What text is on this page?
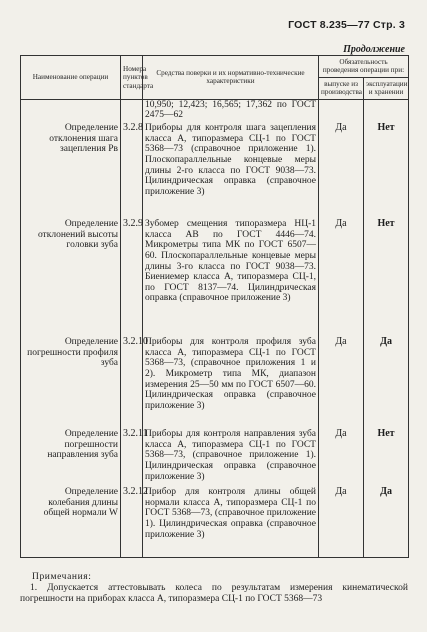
ГОСТ 8.235—77 Стр. 3
Продолжение
Наименование операции	Номера пунктов стандарта	Средства поверки и их нормативно-технические характеристики	Обязательность проведения операции при:	
			выпуске из производства	эксплуатации и хранении
		10,950; 12,423; 16,565; 17,362 по ГОСТ 2475—62		
Определение отклонения шага зацепления Pв	3.2.8	Приборы для контроля шага зацепления класса А, типоразмера СЦ-1 по ГОСТ 5368—73 (справочное приложение 1). Плоскопараллельные концевые меры длины 2-го класса по ГОСТ 9038—73. Цилиндрическая оправка (справочное приложение 3)	Да	Нет
Определение отклонений высоты головки зуба	3.2.9	Зубомер смещения типоразмера НЦ-1 класса АВ по ГОСТ 4446—74. Микрометры типа МК по ГОСТ 6507—60. Плоскопараллельные концевые меры длины 3-го класса по ГОСТ 9038—73. Биениемер класса А, типоразмера СЦ-1, по ГОСТ 8137—74. Цилиндрическая оправка (справочное приложение 3)	Да	Нет
Определение погрешности профиля зуба	3.2.10	Приборы для контроля профиля зуба класса А, типоразмера СЦ-1 по ГОСТ 5368—73, (справочное приложения 1 и 2). Микрометр типа МК, диапазон измерения 25—50 мм по ГОСТ 6507—60. Цилиндрическая оправка (справочное приложение 3)	Да	Да
Определение погрешности направления зуба	3.2.11	Приборы для контроля направления зуба класса А, типоразмера СЦ-1 по ГОСТ 5368—73, (справочное приложение 1). Цилиндрическая оправка (справочное приложение 3)	Да	Нет
Определение колебания длины общей нормали W	3.2.12	Прибор для контроля длины общей нормали класса А, типоразмера СЦ-1 по ГОСТ 5368—73, (справочное приложение 1). Цилиндрическая оправка (справочное приложение 3)	Да	Да
Примечания:
1. Допускается аттестовывать колеса по результатам измерения кинематической погрешности на приборах класса А, типоразмера СЦ-1 по ГОСТ 5368—73
